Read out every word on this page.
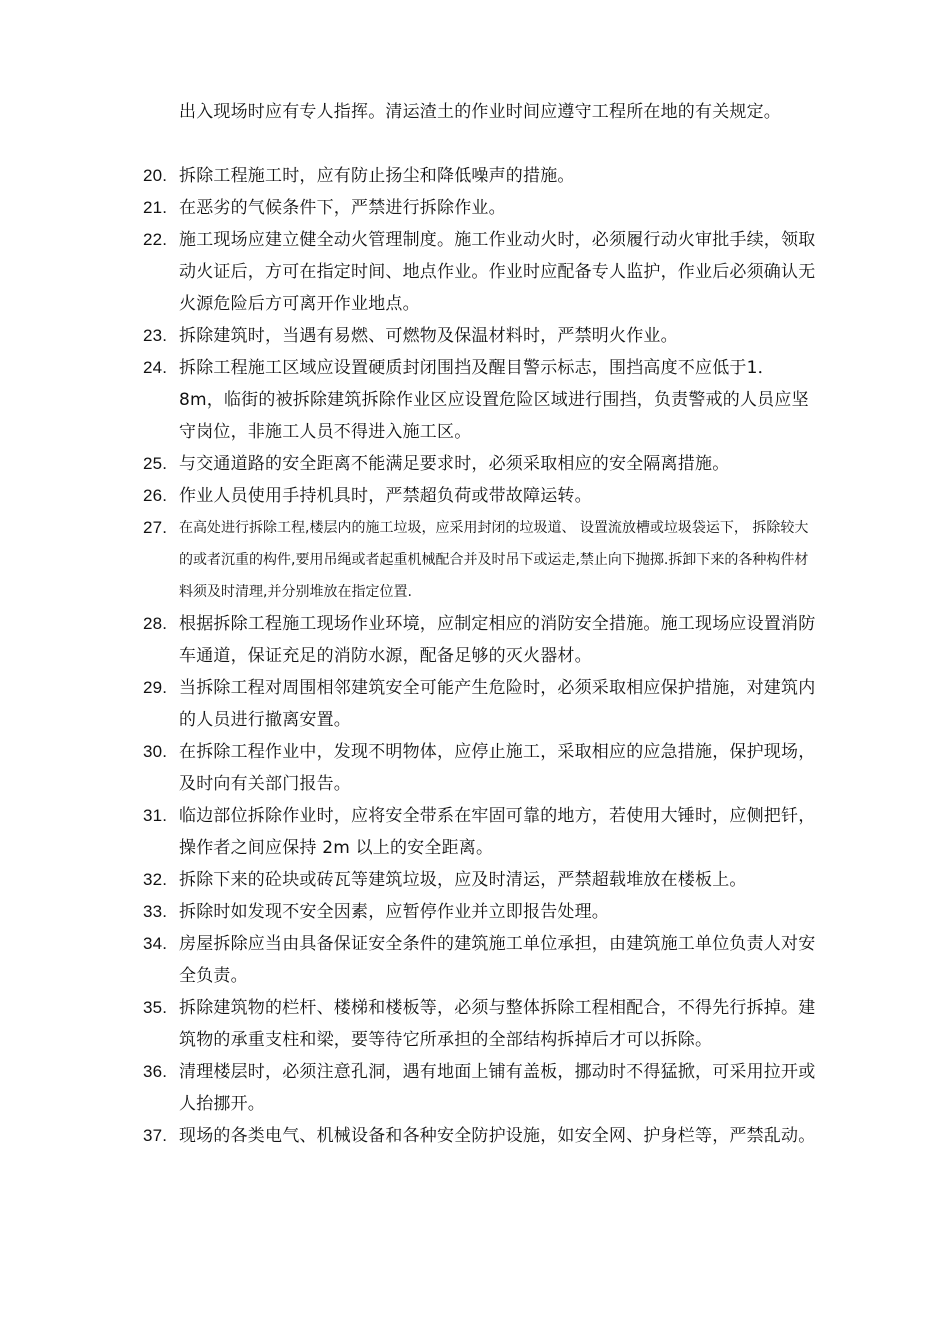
出入现场时应有专人指挥。清运渣土的作业时间应遵守工程所在地的有关规定。
20. 拆除工程施工时，应有防止扬尘和降低噪声的措施。
21. 在恶劣的气候条件下，严禁进行拆除作业。
22. 施工现场应建立健全动火管理制度。施工作业动火时，必须履行动火审批手续，领取动火证后，方可在指定时间、地点作业。作业时应配备专人监护，作业后必须确认无火源危险后方可离开作业地点。
23. 拆除建筑时，当遇有易燃、可燃物及保温材料时，严禁明火作业。
24. 拆除工程施工区域应设置硬质封闭围挡及醒目警示标志，围挡高度不应低于1．8m，临街的被拆除建筑拆除作业区应设置危险区域进行围挡，负责警戒的人员应坚守岗位，非施工人员不得进入施工区。
25. 与交通道路的安全距离不能满足要求时，必须采取相应的安全隔离措施。
26. 作业人员使用手持机具时，严禁超负荷或带故障运转。
27. 在高处进行拆除工程,楼层内的施工垃圾，应采用封闭的垃圾道、 设置流放槽或垃圾袋运下， 拆除较大的或者沉重的构件,要用吊绳或者起重机械配合并及时吊下或运走,禁止向下抛掷.拆卸下来的各种构件材料须及时清理,并分别堆放在指定位置.
28. 根据拆除工程施工现场作业环境，应制定相应的消防安全措施。施工现场应设置消防车通道，保证充足的消防水源，配备足够的灭火器材。
29. 当拆除工程对周围相邻建筑安全可能产生危险时，必须采取相应保护措施，对建筑内的人员进行撤离安置。
30. 在拆除工程作业中，发现不明物体，应停止施工，采取相应的应急措施，保护现场，及时向有关部门报告。
31. 临边部位拆除作业时，应将安全带系在牢固可靠的地方，若使用大锤时，应侧把钎，操作者之间应保持 2m 以上的安全距离。
32. 拆除下来的砼块或砖瓦等建筑垃圾，应及时清运，严禁超载堆放在楼板上。
33. 拆除时如发现不安全因素，应暂停作业并立即报告处理。
34. 房屋拆除应当由具备保证安全条件的建筑施工单位承担，由建筑施工单位负责人对安全负责。
35. 拆除建筑物的栏杆、楼梯和楼板等，必须与整体拆除工程相配合，不得先行拆掉。建筑物的承重支柱和梁，要等待它所承担的全部结构拆掉后才可以拆除。
36. 清理楼层时，必须注意孔洞，遇有地面上铺有盖板，挪动时不得猛掀，可采用拉开或人抬挪开。
37. 现场的各类电气、机械设备和各种安全防护设施，如安全网、护身栏等，严禁乱动。
